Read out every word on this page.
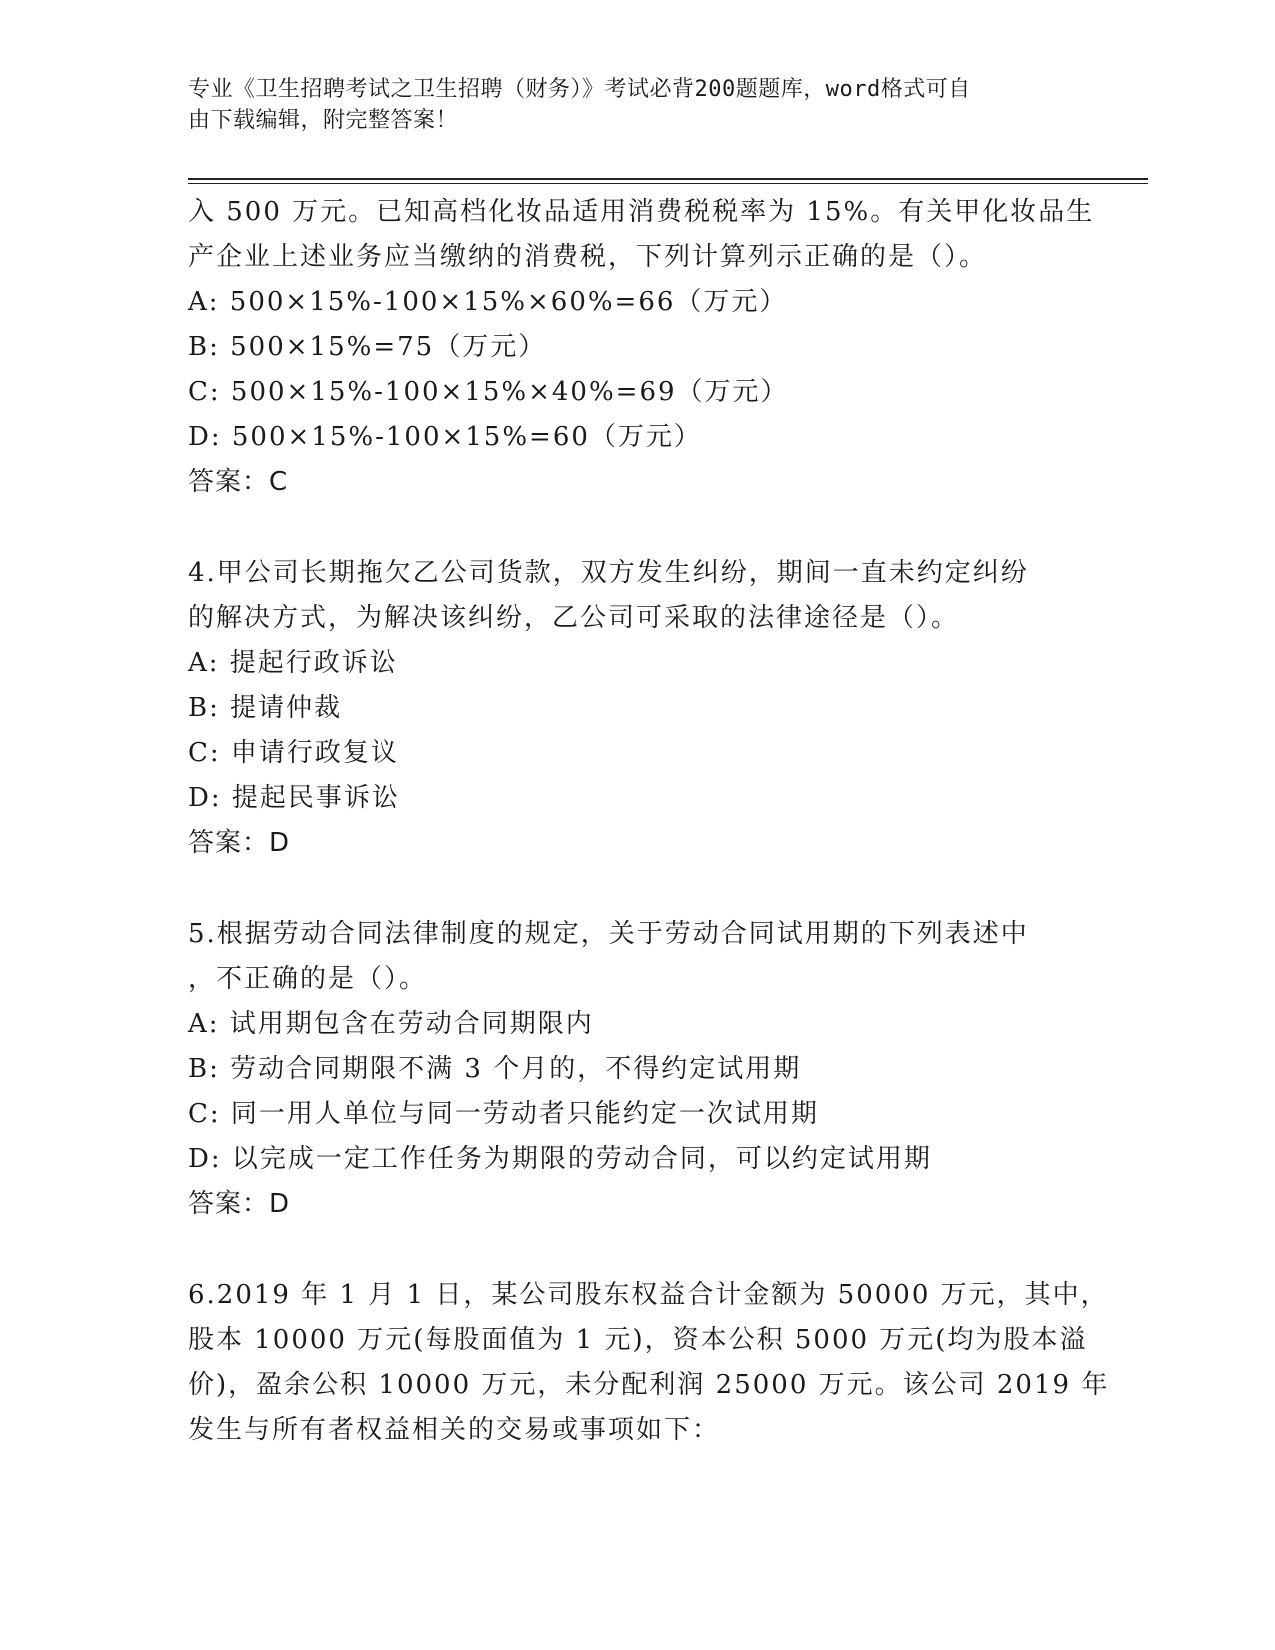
专业《卫生招聘考试之卫生招聘（财务）》考试必背200题题库，word格式可自
由下载编辑，附完整答案！
入 500 万元。已知高档化妆品适用消费税税率为 15%。有关甲化妆品生
产企业上述业务应当缴纳的消费税，下列计算列示正确的是（）。
A: 500×15%-100×15%×60%=66（万元）
B: 500×15%=75（万元）
C: 500×15%-100×15%×40%=69（万元）
D: 500×15%-100×15%=60（万元）
答案：C
4.甲公司长期拖欠乙公司货款，双方发生纠纷，期间一直未约定纠纷
的解决方式，为解决该纠纷，乙公司可采取的法律途径是（）。
A: 提起行政诉讼
B: 提请仲裁
C: 申请行政复议
D: 提起民事诉讼
答案：D
5.根据劳动合同法律制度的规定，关于劳动合同试用期的下列表述中
，不正确的是（）。
A: 试用期包含在劳动合同期限内
B: 劳动合同期限不满 3 个月的，不得约定试用期
C: 同一用人单位与同一劳动者只能约定一次试用期
D: 以完成一定工作任务为期限的劳动合同，可以约定试用期
答案：D
6.2019 年 1 月 1 日，某公司股东权益合计金额为 50000 万元，其中，
股本 10000 万元(每股面值为 1 元)，资本公积 5000 万元(均为股本溢
价)，盈余公积 10000 万元，未分配利润 25000 万元。该公司 2019 年
发生与所有者权益相关的交易或事项如下：
